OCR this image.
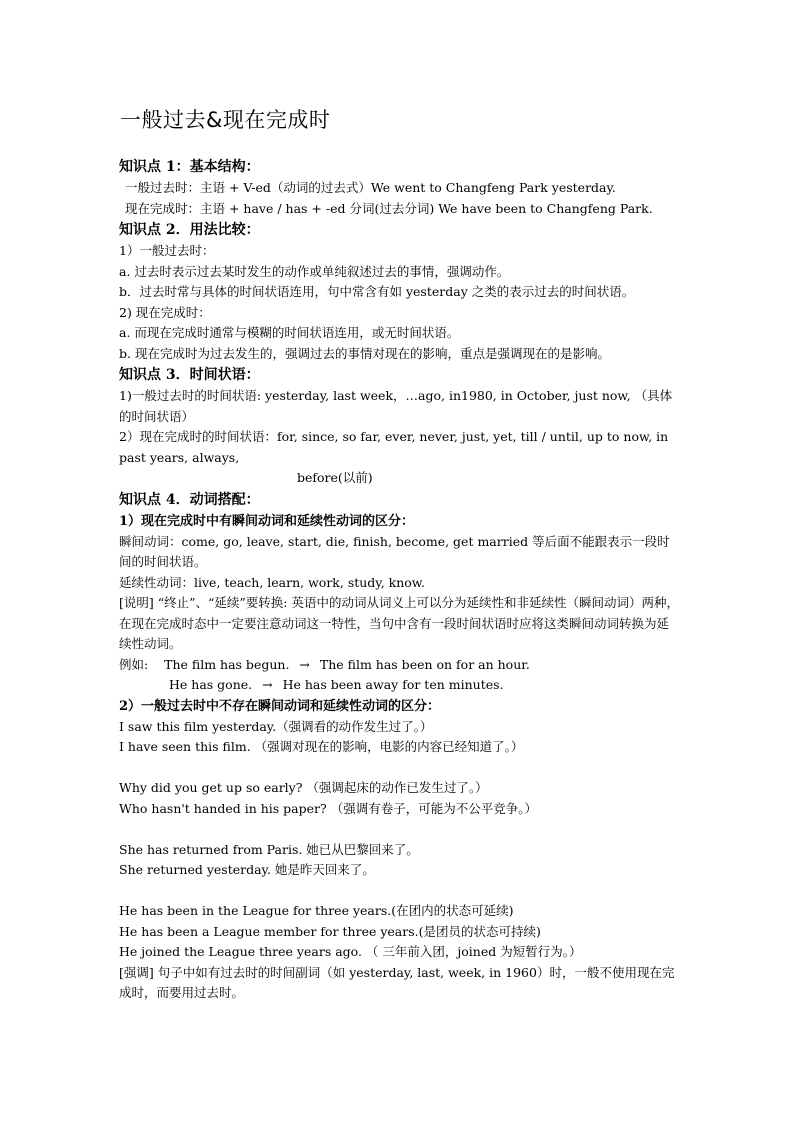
一般过去&现在完成时
知识点 1：基本结构：
一般过去时：主语 + V-ed（动词的过去式）We went to Changfeng Park yesterday.
现在完成时：主语 + have / has + -ed 分词(过去分词) We have been to Changfeng Park.
知识点 2．用法比较：
1）一般过去时：
a. 过去时表示过去某时发生的动作或单纯叙述过去的事情，强调动作。
b．过去时常与具体的时间状语连用，句中常含有如 yesterday 之类的表示过去的时间状语。
2) 现在完成时：
a. 而现在完成时通常与模糊的时间状语连用，或无时间状语。
b. 现在完成时为过去发生的，强调过去的事情对现在的影响，重点是强调现在的是影响。
知识点 3．时间状语：
1)一般过去时的时间状语: yesterday, last week，…ago, in1980, in October, just now, （具体的时间状语）
2）现在完成时的时间状语：for, since, so far, ever, never, just, yet, till / until, up to now, in past years, always,
before(以前)
知识点 4．动词搭配：
1）现在完成时中有瞬间动词和延续性动词的区分：
瞬间动词：come, go, leave, start, die, finish, become, get married 等后面不能跟表示一段时间的时间状语。
延续性动词：live, teach, learn, work, study, know.
[说明] “终止”、“延续”要转换: 英语中的动词从词义上可以分为延续性和非延续性（瞬间动词）两种，在现在完成时态中一定要注意动词这一特性，当句中含有一段时间状语时应将这类瞬间动词转换为延续性动词。
例如: The film has begun. → The film has been on for an hour.
He has gone. → He has been away for ten minutes.
2）一般过去时中不存在瞬间动词和延续性动词的区分：
I saw this film yesterday.（强调看的动作发生过了。）
I have seen this film. （强调对现在的影响，电影的内容已经知道了。）
Why did you get up so early? （强调起床的动作已发生过了。）
Who hasn't handed in his paper? （强调有卷子，可能为不公平竞争。）
She has returned from Paris. 她已从巴黎回来了。
She returned yesterday. 她是昨天回来了。
He has been in the League for three years.(在团内的状态可延续)
He has been a League member for three years.(是团员的状态可持续)
He joined the League three years ago. （ 三年前入团，joined 为短暂行为。）
[强调] 句子中如有过去时的时间副词（如 yesterday, last, week, in 1960）时，一般不使用现在完成时，而要用过去时。
